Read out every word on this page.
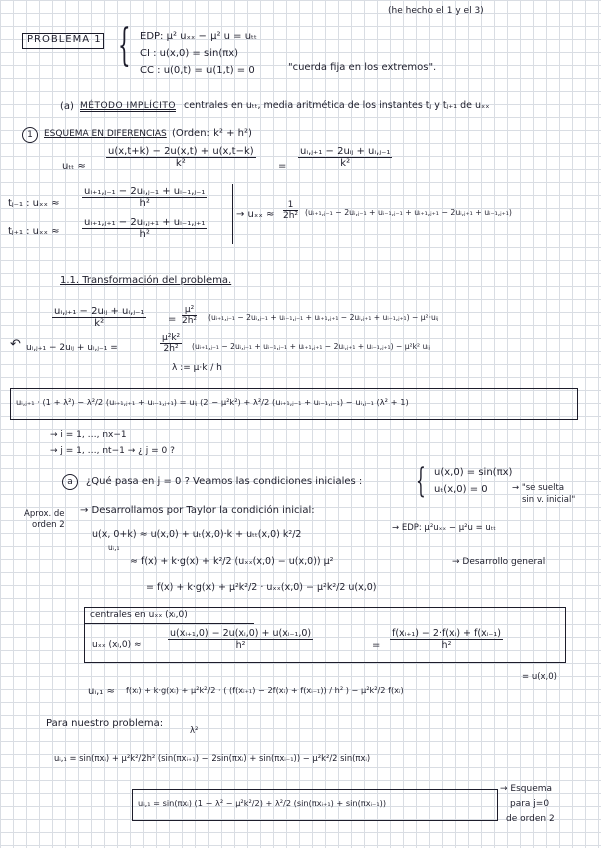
(he hecho el 1 y el 3)
PROBLEMA 1 { EDP: μ² uₓₓ − μ² u = uₜₜ
CI : u(x,0) = sin(πx)
CC : u(0,t) = u(1,t) = 0	"cuerda fija en los extremos".
(a) MÉTODO IMPLÍCITO centrales en uₜₜ, media aritmética de los instantes tⱼ y tⱼ₊₁ de uₓₓ
1	ESQUEMA EN DIFERENCIAS (Orden: k² + h²)
$u_{tt} \approx \frac{u(x,t+k) - 2u(x,t) + u(x,t-k)}{\text{k²}}$ =
uᵢ,ⱼ₊₁ − 2uᵢⱼ + uᵢ,ⱼ₋₁
k²
tⱼ₋₁ : $u_{xx} \approx \frac{\text{uᵢ₊₁,ⱼ₋₁ − 2uᵢ,ⱼ₋₁ + uᵢ₋₁,ⱼ₋₁}}{\text{h²}}$
tⱼ₊₁ : $u_{xx} \approx \frac{\text{uᵢ₊₁,ⱼ₊₁ − 2uᵢ,ⱼ₊₁ + uᵢ₋₁,ⱼ₊₁}}{\text{h²}}$
→ $u_{xx} \approx \frac{1}{\text{2h²}}$ (uᵢ₊₁,ⱼ₋₁ − 2uᵢ,ⱼ₋₁ + uᵢ₋₁,ⱼ₋₁ + uᵢ₊₁,ⱼ₊₁ − 2uᵢ,ⱼ₊₁ + uᵢ₋₁,ⱼ₊₁)
1.1. Transformación del problema.
uᵢ,ⱼ₊₁ − 2uᵢⱼ + uᵢ,ⱼ₋₁
k²	= $\frac{\text{μ²}}{\text{2h²}}$ (uᵢ₊₁,ⱼ₋₁ − 2uᵢ,ⱼ₋₁ + uᵢ₋₁,ⱼ₋₁ + uᵢ₊₁,ⱼ₊₁ − 2uᵢ,ⱼ₊₁ + uᵢ₋₁,ⱼ₊₁) − μ²·uᵢⱼ
↶ uᵢ,ⱼ₊₁ − 2uᵢⱼ + uᵢ,ⱼ₋₁ =	$\frac{\text{μ²k²}}{\text{2h²}}$ (uᵢ₊₁,ⱼ₋₁ − 2uᵢ,ⱼ₋₁ + uᵢ₋₁,ⱼ₋₁ + uᵢ₊₁,ⱼ₊₁ − 2uᵢ,ⱼ₊₁ + uᵢ₋₁,ⱼ₊₁) − μ²k² uᵢⱼ
λ := μ·k / h
uᵢ,ⱼ₊₁ · (1 + λ²) − λ²/2 (uᵢ₊₁,ⱼ₊₁ + uᵢ₋₁,ⱼ₊₁) = uᵢⱼ (2 − μ²k²) + λ²/2 (uᵢ₊₁,ⱼ₋₁ + uᵢ₋₁,ⱼ₋₁) − uᵢ,ⱼ₋₁ (λ² + 1)
→ i = 1, …, nx−1
→ j = 1, …, nt−1 → ¿ j = 0 ?
a	¿Qué pasa en j = 0 ? Veamos las condiciones iniciales : { u(x,0) = sin(πx)
uₜ(x,0) = 0	→ "se suelta
sin v. inicial"
Aprox. de
orden 2
→ Desarrollamos por Taylor la condición inicial:
u(x, 0+k) ≈ u(x,0) + uₜ(x,0)·k + uₜₜ(x,0) k²/2
→ EDP: μ²uₓₓ − μ²u = uₜₜ
uᵢ,₁
≈ f(x) + k·g(x) + k²/2 (uₓₓ(x,0) − u(x,0)) μ²	→ Desarrollo general
= f(x) + k·g(x) + μ²k²/2 · uₓₓ(x,0) − μ²k²/2 u(x,0)
centrales en uₓₓ (xᵢ,0)
uₓₓ (xᵢ,0) ≈	$\frac{\text{u(xᵢ₊₁,0) − 2u(xᵢ,0) + u(xᵢ₋₁,0)}}{\text{h²}}$	= $\frac{\text{f(xᵢ₊₁) − 2·f(xᵢ) + f(xᵢ₋₁)}}{\text{h²}}$
uᵢ,₁ ≈ f(xᵢ) + k·g(xᵢ) + μ²k²/2 · ( (f(xᵢ₊₁) − 2f(xᵢ) + f(xᵢ₋₁)) / h² ) − μ²k²/2 f(xᵢ)
= u(x,0)
Para nuestro problema:
λ²
uᵢ,₁ = sin(πxᵢ) + μ²k²/2h² (sin(πxᵢ₊₁) − 2sin(πxᵢ) + sin(πxᵢ₋₁)) − μ²k²/2 sin(πxᵢ)
uᵢ,₁ = sin(πxᵢ) (1 − λ² − μ²k²/2) + λ²/2 (sin(πxᵢ₊₁) + sin(πxᵢ₋₁))
→ Esquema
para j=0
de orden 2
